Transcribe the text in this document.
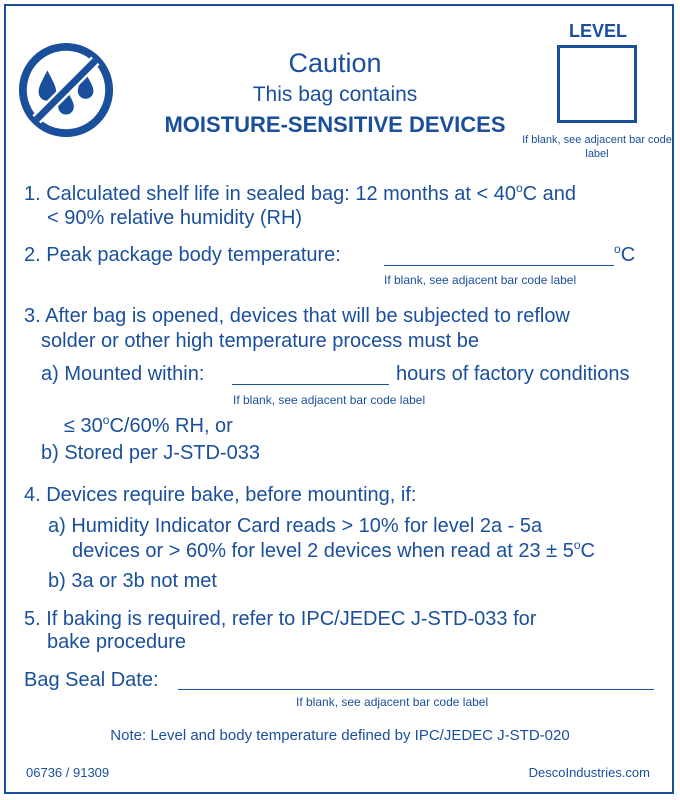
Caution
This bag contains
MOISTURE-SENSITIVE DEVICES
LEVEL
If blank, see adjacent bar code label
1. Calculated shelf life in sealed bag: 12 months at < $40^oC$ and
< 90% relative humidity (RH)
2. Peak package body temperature:	$^o$C
If blank, see adjacent bar code label
3. After bag is opened, devices that will be subjected to reflow
solder or other high temperature process must be
a) Mounted within:	hours of factory conditions
If blank, see adjacent bar code label
≤ $30^oC/60\%$ RH, or
b) Stored per J-STD-033
4. Devices require bake, before mounting, if:
a) Humidity Indicator Card reads > 10% for level 2a - 5a
devices or > 60% for level 2 devices when read at $23 \pm 5^oC$
b) 3a or 3b not met
5. If baking is required, refer to IPC/JEDEC J-STD-033 for
bake procedure
Bag Seal Date:
If blank, see adjacent bar code label
Note: Level and body temperature defined by IPC/JEDEC J-STD-020
06736 / 91309	DescoIndustries.com
